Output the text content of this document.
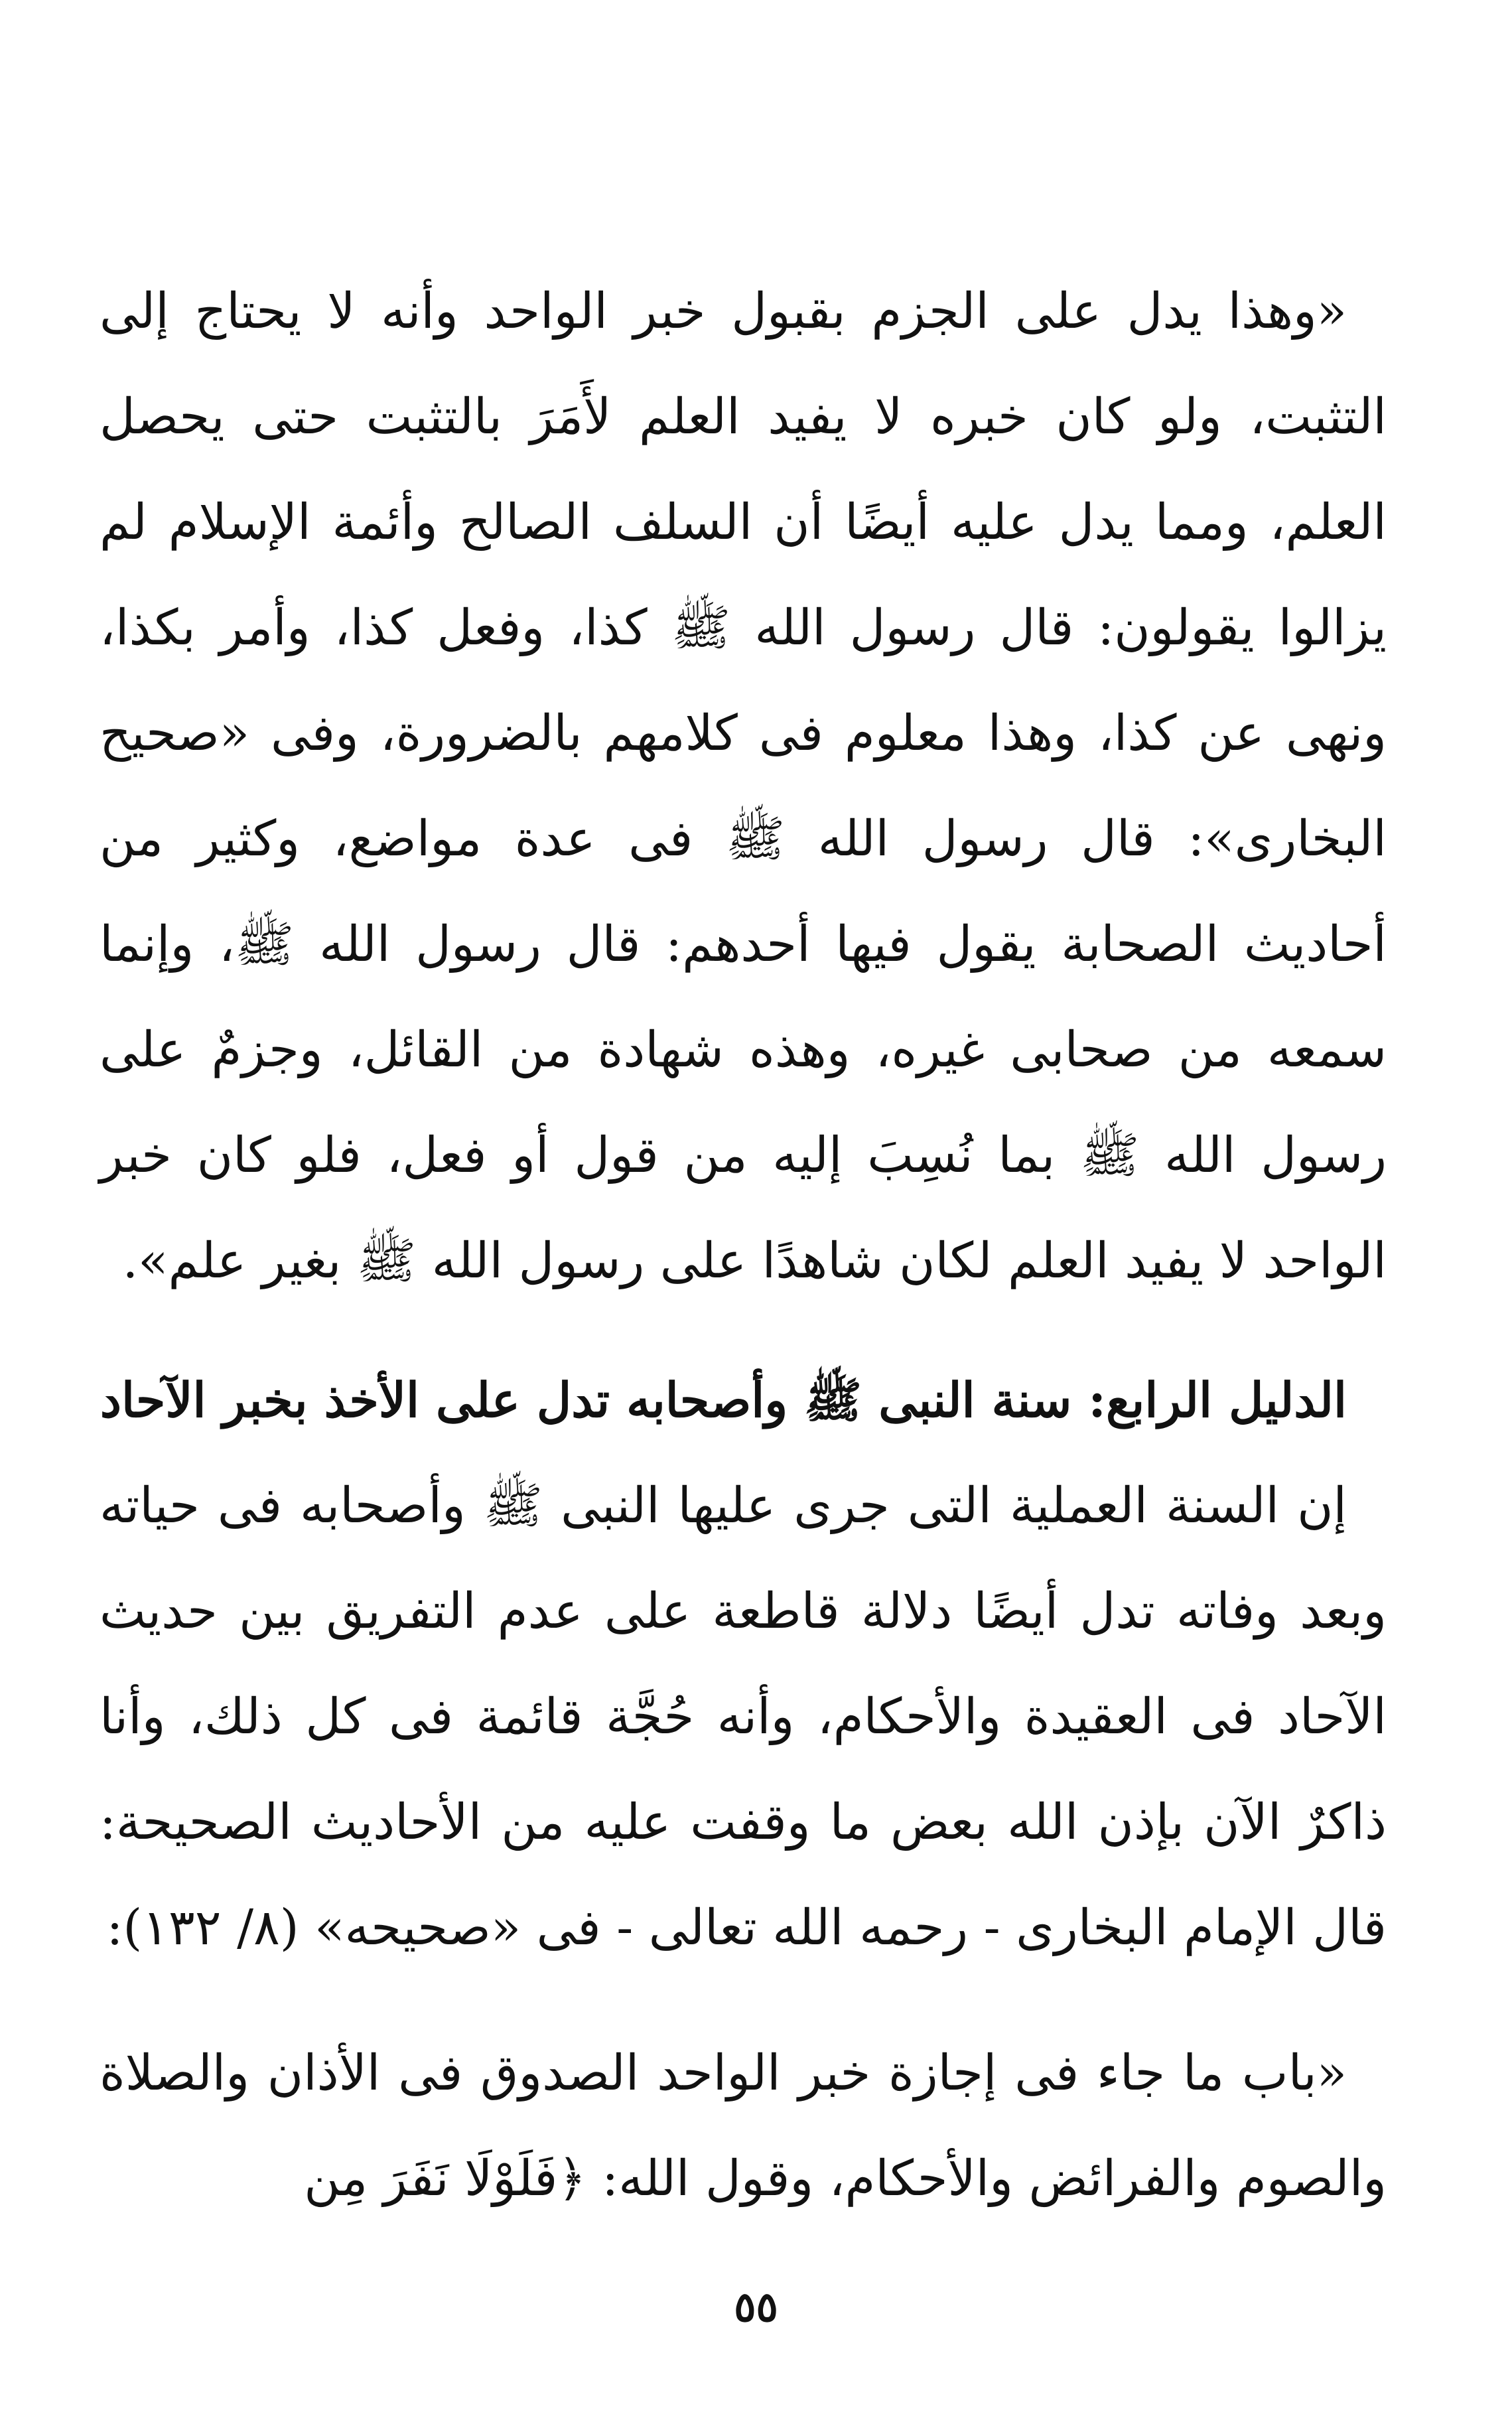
«وهذا يدل على الجزم بقبول خبر الواحد وأنه لا يحتاج إلى التثبت، ولو كان خبره لا يفيد العلم لأَمَرَ بالتثبت حتى يحصل العلم، ومما يدل عليه أيضًا أن السلف الصالح وأئمة الإسلام لم يزالوا يقولون: قال رسول الله ﷺ كذا، وفعل كذا، وأمر بكذا، ونهى عن كذا، وهذا معلوم فى كلامهم بالضرورة، وفى «صحيح البخارى»: قال رسول الله ﷺ فى عدة مواضع، وكثير من أحاديث الصحابة يقول فيها أحدهم: قال رسول الله ﷺ، وإنما سمعه من صحابى غيره، وهذه شهادة من القائل، وجزمٌ على رسول الله ﷺ بما نُسِبَ إليه من قول أو فعل، فلو كان خبر الواحد لا يفيد العلم لكان شاهدًا على رسول الله ﷺ بغير علم».

الدليل الرابع: سنة النبى ﷺ وأصحابه تدل على الأخذ بخبر الآحاد

إن السنة العملية التى جرى عليها النبى ﷺ وأصحابه فى حياته وبعد وفاته تدل أيضًا دلالة قاطعة على عدم التفريق بين حديث الآحاد فى العقيدة والأحكام، وأنه حُجَّة قائمة فى كل ذلك، وأنا ذاكرٌ الآن بإذن الله بعض ما وقفت عليه من الأحاديث الصحيحة: قال الإمام البخارى - رحمه الله تعالى - فى «صحيحه» (٨/ ١٣٢):

«باب ما جاء فى إجازة خبر الواحد الصدوق فى الأذان والصلاة والصوم والفرائض والأحكام، وقول الله: ﴿فَلَوْلَا نَفَرَ مِن

٥٥
